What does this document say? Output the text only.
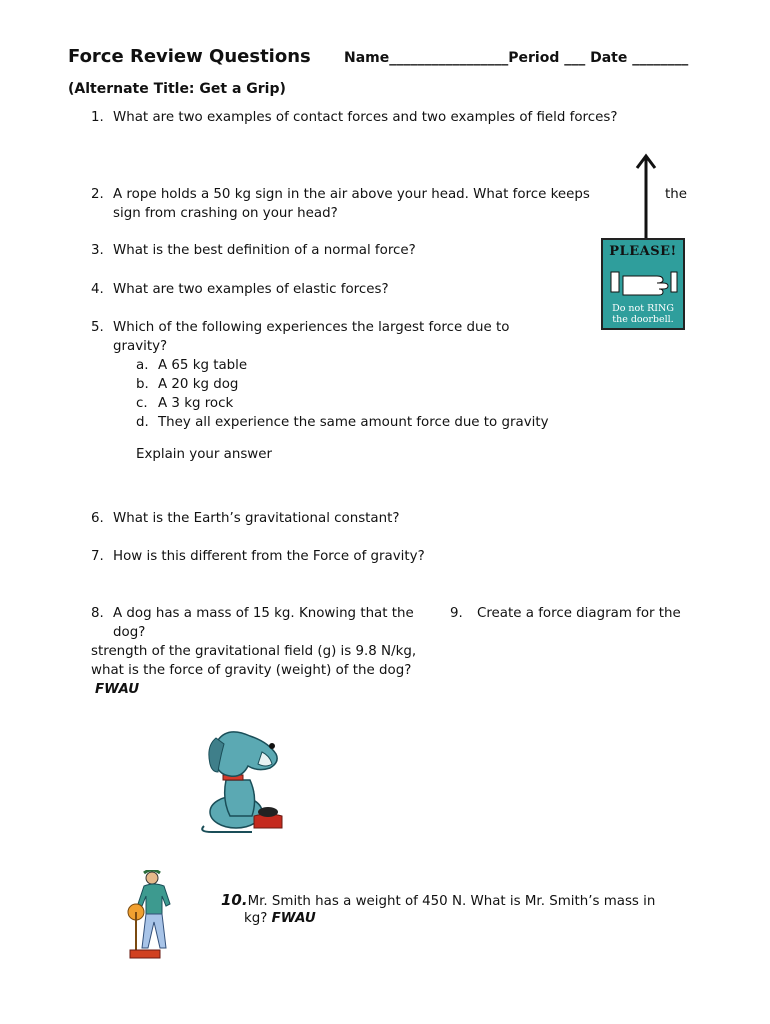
Force Review Questions Name_________________Period ___ Date ________
(Alternate Title: Get a Grip)
1. What are two examples of contact forces and two examples of field forces?
2. A rope holds a 50 kg sign in the air above your head. What force keeps	the
sign from crashing on your head?
3. What is the best definition of a normal force?
4. What are two examples of elastic forces?
5. Which of the following experiences the largest force due to
gravity?
a. A 65 kg table
b. A 20 kg dog
c. A 3 kg rock
d. They all experience the same amount force due to gravity
Explain your answer
6. What is the Earth’s gravitational constant?
7. How is this different from the Force of gravity?
8. A dog has a mass of 15 kg. Knowing that the
dog?
strength of the gravitational field (g) is 9.8 N/kg,
what is the force of gravity (weight) of the dog?
FWAU
9. Create a force diagram for the
10.Mr. Smith has a weight of 450 N. What is Mr. Smith’s mass in
kg? FWAU
PLEASE!
Do not RING
the doorbell.
